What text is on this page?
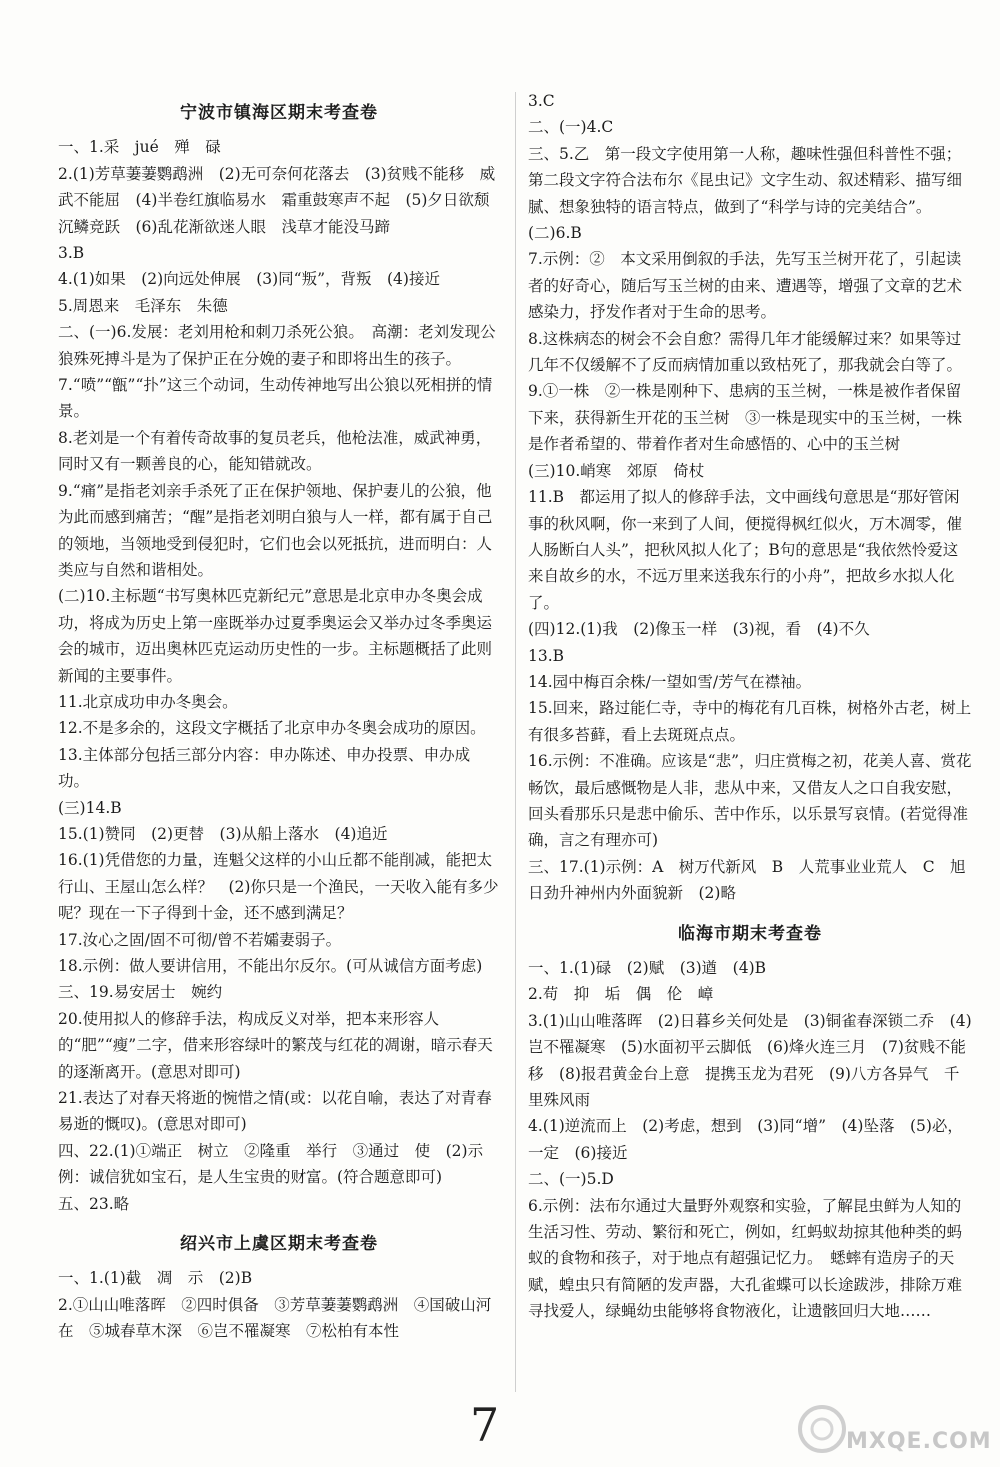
宁波市镇海区期末考查卷

一、1.采　jué　殚　碌

2.(1)芳草萋萋鹦鹉洲　(2)无可奈何花落去　(3)贫贱不能移　威武不能屈　(4)半卷红旗临易水　霜重鼓寒声不起　(5)夕日欲颓　沉鳞竞跃　(6)乱花渐欲迷人眼　浅草才能没马蹄

3.B

4.(1)如果　(2)向远处伸展　(3)同“叛”，背叛　(4)接近

5.周恩来　毛泽东　朱德

二、(一)6.发展：老刘用枪和刺刀杀死公狼。　高潮：老刘发现公狼殊死搏斗是为了保护正在分娩的妻子和即将出生的孩子。

7.“喷”“甑”“扑”这三个动词，生动传神地写出公狼以死相拼的情景。

8.老刘是一个有着传奇故事的复员老兵，他枪法准，威武神勇，同时又有一颗善良的心，能知错就改。

9.“痛”是指老刘亲手杀死了正在保护领地、保护妻儿的公狼，他为此而感到痛苦；“醒”是指老刘明白狼与人一样，都有属于自己的领地，当领地受到侵犯时，它们也会以死抵抗，进而明白：人类应与自然和谐相处。

(二)10.主标题“书写奥林匹克新纪元”意思是北京申办冬奥会成功，将成为历史上第一座既举办过夏季奥运会又举办过冬季奥运会的城市，迈出奥林匹克运动历史性的一步。主标题概括了此则新闻的主要事件。

11.北京成功申办冬奥会。

12.不是多余的，这段文字概括了北京申办冬奥会成功的原因。

13.主体部分包括三部分内容：申办陈述、申办投票、申办成功。

(三)14.B

15.(1)赞同　(2)更替　(3)从船上落水　(4)追近

16.(1)凭借您的力量，连魁父这样的小山丘都不能削减，能把太行山、王屋山怎么样？　(2)你只是一个渔民，一天收入能有多少呢？现在一下子得到十金，还不感到满足？

17.汝心之固/固不可彻/曾不若孀妻弱子。

18.示例：做人要讲信用，不能出尔反尔。(可从诚信方面考虑)

三、19.易安居士　婉约

20.使用拟人的修辞手法，构成反义对举，把本来形容人的“肥”“瘦”二字，借来形容绿叶的繁茂与红花的凋谢，暗示春天的逐渐离开。(意思对即可)

21.表达了对春天将逝的惋惜之情(或：以花自喻，表达了对青春易逝的慨叹)。(意思对即可)

四、22.(1)①端正　树立　②隆重　举行　③通过　使　(2)示例：诚信犹如宝石，是人生宝贵的财富。(符合题意即可)

五、23.略

绍兴市上虞区期末考查卷

一、1.(1)截　凋　示　(2)B

2.①山山唯落晖　②四时俱备　③芳草萋萋鹦鹉洲　④国破山河在　⑤城春草木深　⑥岂不罹凝寒　⑦松柏有本性

3.C

二、(一)4.C

三、5.乙　第一段文字使用第一人称，趣味性强但科普性不强；第二段文字符合法布尔《昆虫记》文字生动、叙述精彩、描写细腻、想象独特的语言特点，做到了“科学与诗的完美结合”。

(二)6.B

7.示例：②　本文采用倒叙的手法，先写玉兰树开花了，引起读者的好奇心，随后写玉兰树的由来、遭遇等，增强了文章的艺术感染力，抒发作者对于生命的思考。

8.这株病态的树会不会自愈？需得几年才能缓解过来？如果等过几年不仅缓解不了反而病情加重以致枯死了，那我就会白等了。

9.①一株　②一株是刚种下、患病的玉兰树，一株是被作者保留下来，获得新生开花的玉兰树　③一株是现实中的玉兰树，一株是作者希望的、带着作者对生命感悟的、心中的玉兰树

(三)10.峭寒　郊原　倚杖

11.B　都运用了拟人的修辞手法，文中画线句意思是“那好管闲事的秋风啊，你一来到了人间，便搅得枫红似火，万木凋零，催人肠断白人头”，把秋风拟人化了；B句的意思是“我依然怜爱这来自故乡的水，不远万里来送我东行的小舟”，把故乡水拟人化了。

(四)12.(1)我　(2)像玉一样　(3)视，看　(4)不久

13.B

14.园中梅百余株/一望如雪/芳气在襟袖。

15.回来，路过能仁寺，寺中的梅花有几百株，树格外古老，树上有很多苔藓，看上去斑斑点点。

16.示例：不准确。应该是“悲”，归庄赏梅之初，花美人喜、赏花畅饮，最后感慨物是人非，悲从中来，又借友人之口自我安慰，回头看那乐只是悲中偷乐、苦中作乐，以乐景写哀情。(若觉得准确，言之有理亦可)

三、17.(1)示例：A　树万代新风　B　人荒事业业荒人　C　旭日劲升神州内外面貌新　(2)略

临海市期末考查卷

一、1.(1)碌　(2)赋　(3)遒　(4)B

2.苟　抑　垢　偶　伦　嶂

3.(1)山山唯落晖　(2)日暮乡关何处是　(3)铜雀春深锁二乔　(4)岂不罹凝寒　(5)水面初平云脚低　(6)烽火连三月　(7)贫贱不能移　(8)报君黄金台上意　提携玉龙为君死　(9)八方各异气　千里殊风雨

4.(1)逆流而上　(2)考虑，想到　(3)同“增”　(4)坠落　(5)必，一定　(6)接近

二、(一)5.D

6.示例：法布尔通过大量野外观察和实验，了解昆虫鲜为人知的生活习性、劳动、繁衍和死亡，例如，红蚂蚁劫掠其他种类的蚂蚁的食物和孩子，对于地点有超强记忆力。　蟋蟀有造房子的天赋，蝗虫只有简陋的发声器，大孔雀蝶可以长途跋涉，排除万难寻找爱人，绿蝇幼虫能够将食物液化，让遗骸回归大地……

7	MXQE.COM
